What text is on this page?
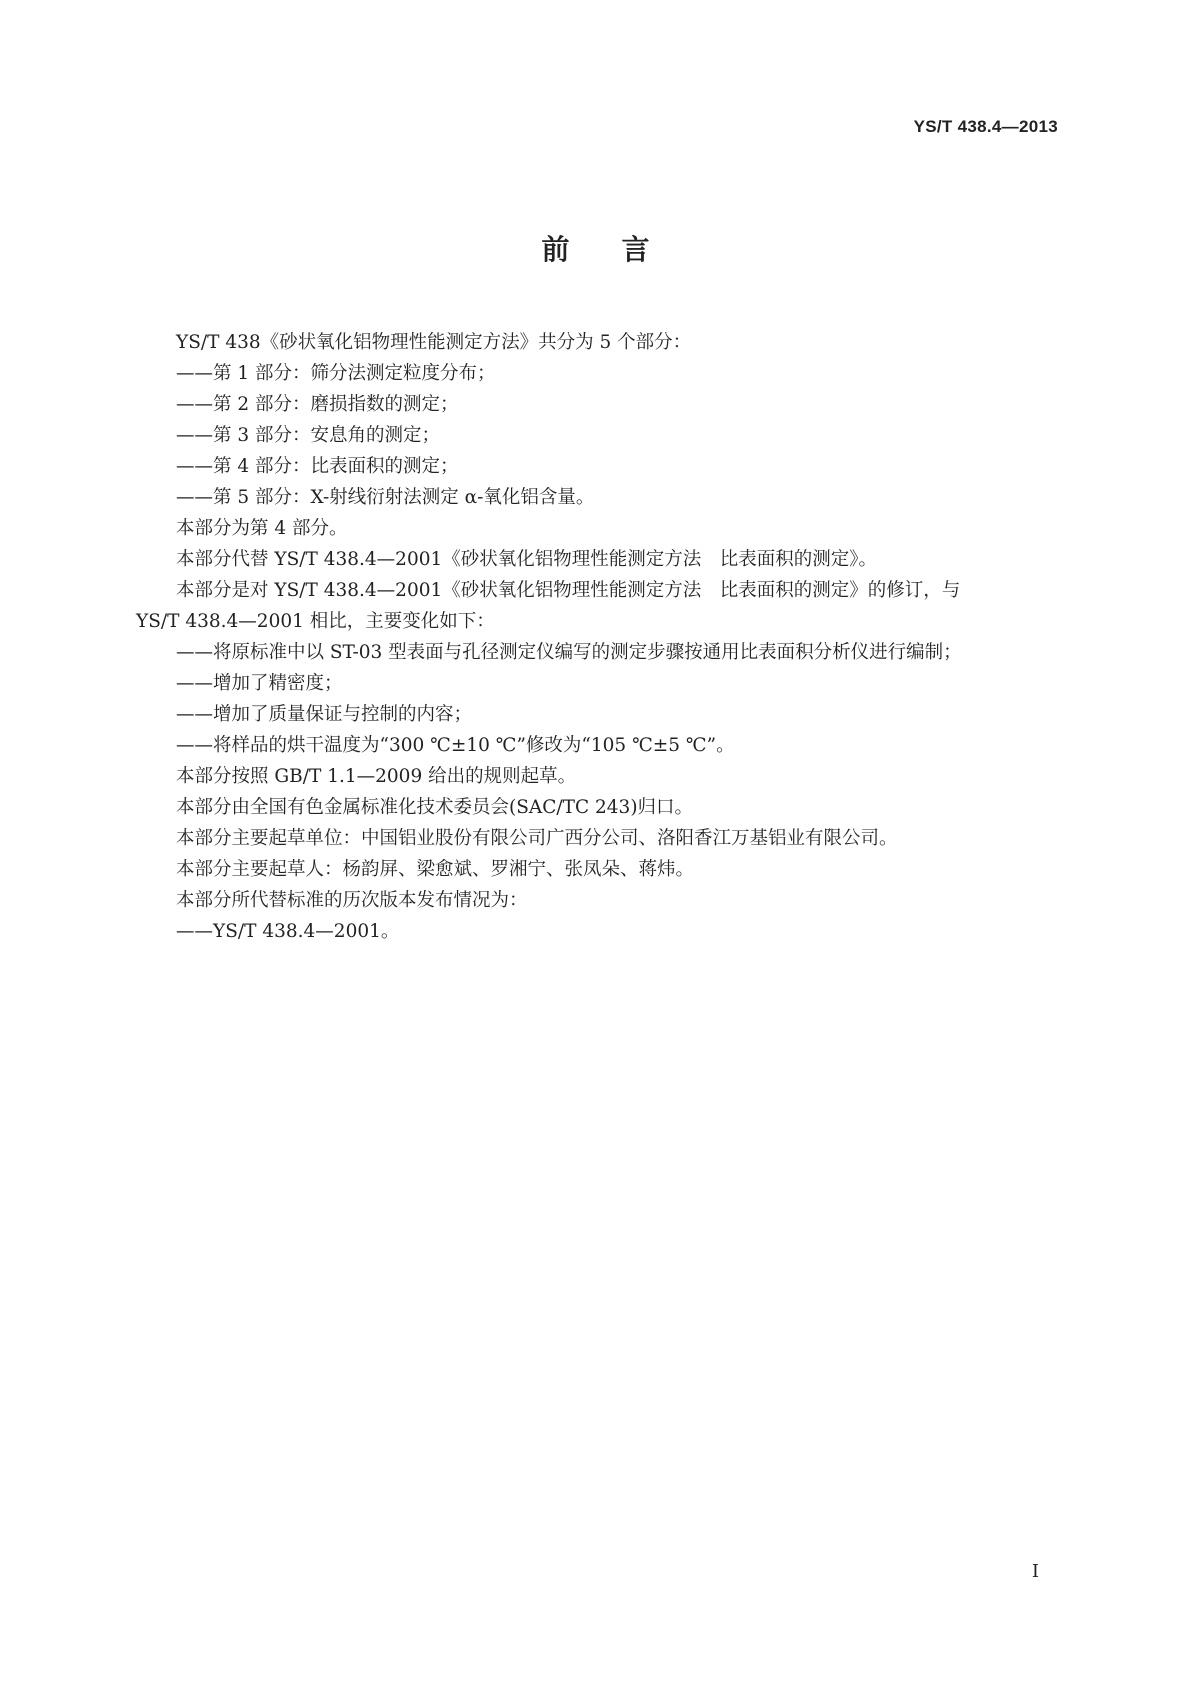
YS/T 438.4—2013
前言
YS/T 438《砂状氧化铝物理性能测定方法》共分为 5 个部分：
——第 1 部分：筛分法测定粒度分布；
——第 2 部分：磨损指数的测定；
——第 3 部分：安息角的测定；
——第 4 部分：比表面积的测定；
——第 5 部分：X-射线衍射法测定 α-氧化铝含量。
本部分为第 4 部分。
本部分代替 YS/T 438.4—2001《砂状氧化铝物理性能测定方法　比表面积的测定》。
本部分是对 YS/T 438.4—2001《砂状氧化铝物理性能测定方法　比表面积的测定》的修订，与
YS/T 438.4—2001 相比，主要变化如下：
——将原标准中以 ST-03 型表面与孔径测定仪编写的测定步骤按通用比表面积分析仪进行编制；
——增加了精密度；
——增加了质量保证与控制的内容；
——将样品的烘干温度为“300 ℃±10 ℃”修改为“105 ℃±5 ℃”。
本部分按照 GB/T 1.1—2009 给出的规则起草。
本部分由全国有色金属标准化技术委员会(SAC/TC 243)归口。
本部分主要起草单位：中国铝业股份有限公司广西分公司、洛阳香江万基铝业有限公司。
本部分主要起草人：杨韵屏、梁愈斌、罗湘宁、张凤朵、蒋炜。
本部分所代替标准的历次版本发布情况为：
——YS/T 438.4—2001。
I
